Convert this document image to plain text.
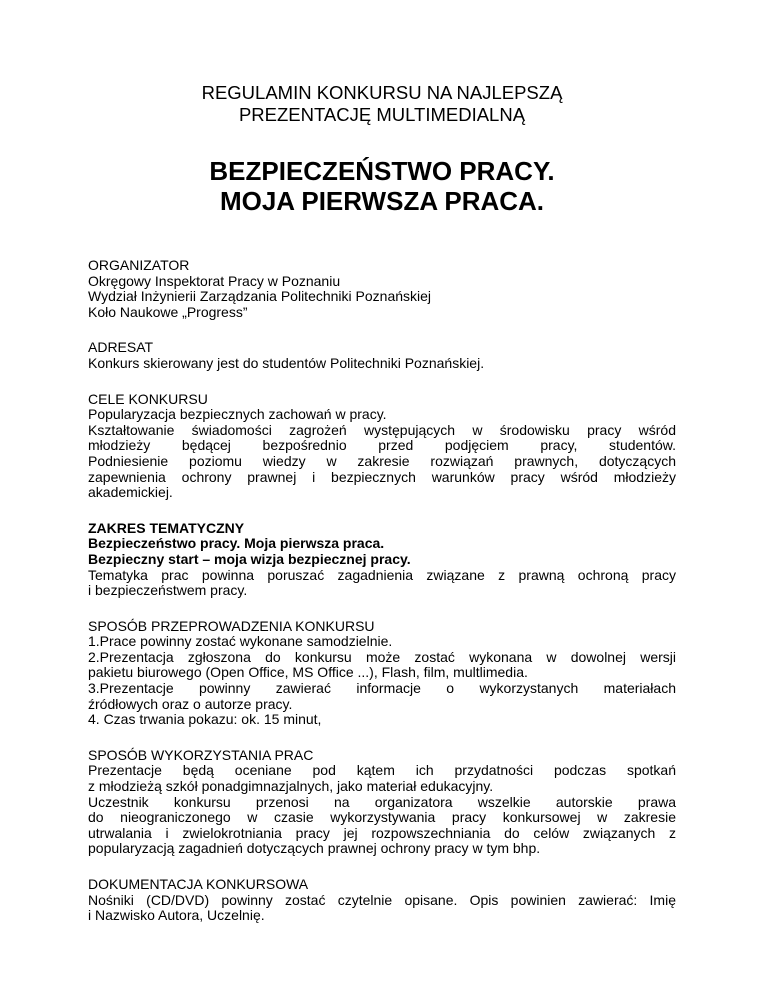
REGULAMIN KONKURSU NA NAJLEPSZĄ
PREZENTACJĘ MULTIMEDIALNĄ
BEZPIECZEŃSTWO PRACY.
MOJA PIERWSZA PRACA.
ORGANIZATOR
Okręgowy Inspektorat Pracy w Poznaniu
Wydział Inżynierii Zarządzania Politechniki Poznańskiej
Koło Naukowe „Progress”
ADRESAT
Konkurs skierowany jest do studentów Politechniki Poznańskiej.
CELE KONKURSU
Popularyzacja bezpiecznych zachowań w pracy.
Kształtowanie świadomości zagrożeń występujących w środowisku pracy wśród
młodzieży będącej bezpośrednio przed podjęciem pracy, studentów.
Podniesienie poziomu wiedzy w zakresie rozwiązań prawnych, dotyczących
zapewnienia ochrony prawnej i bezpiecznych warunków pracy wśród młodzieży
akademickiej.
ZAKRES TEMATYCZNY
Bezpieczeństwo pracy. Moja pierwsza praca.
Bezpieczny start – moja wizja bezpiecznej pracy.
Tematyka prac powinna poruszać zagadnienia związane z prawną ochroną pracy
i bezpieczeństwem pracy.
SPOSÓB PRZEPROWADZENIA KONKURSU
1.Prace powinny zostać wykonane samodzielnie.
2.Prezentacja zgłoszona do konkursu może zostać wykonana w dowolnej wersji
pakietu biurowego (Open Office, MS Office ...), Flash, film, multlimedia.
3.Prezentacje powinny zawierać informacje o wykorzystanych materiałach
źródłowych oraz o autorze pracy.
4. Czas trwania pokazu: ok. 15 minut,
SPOSÓB WYKORZYSTANIA PRAC
Prezentacje będą oceniane pod kątem ich przydatności podczas spotkań
z młodzieżą szkół ponadgimnazjalnych, jako materiał edukacyjny.
Uczestnik konkursu przenosi na organizatora wszelkie autorskie prawa
do nieograniczonego w czasie wykorzystywania pracy konkursowej w zakresie
utrwalania i zwielokrotniania pracy jej rozpowszechniania do celów związanych z
popularyzacją zagadnień dotyczących prawnej ochrony pracy w tym bhp.
DOKUMENTACJA KONKURSOWA
Nośniki (CD/DVD) powinny zostać czytelnie opisane. Opis powinien zawierać: Imię
i Nazwisko Autora, Uczelnię.
